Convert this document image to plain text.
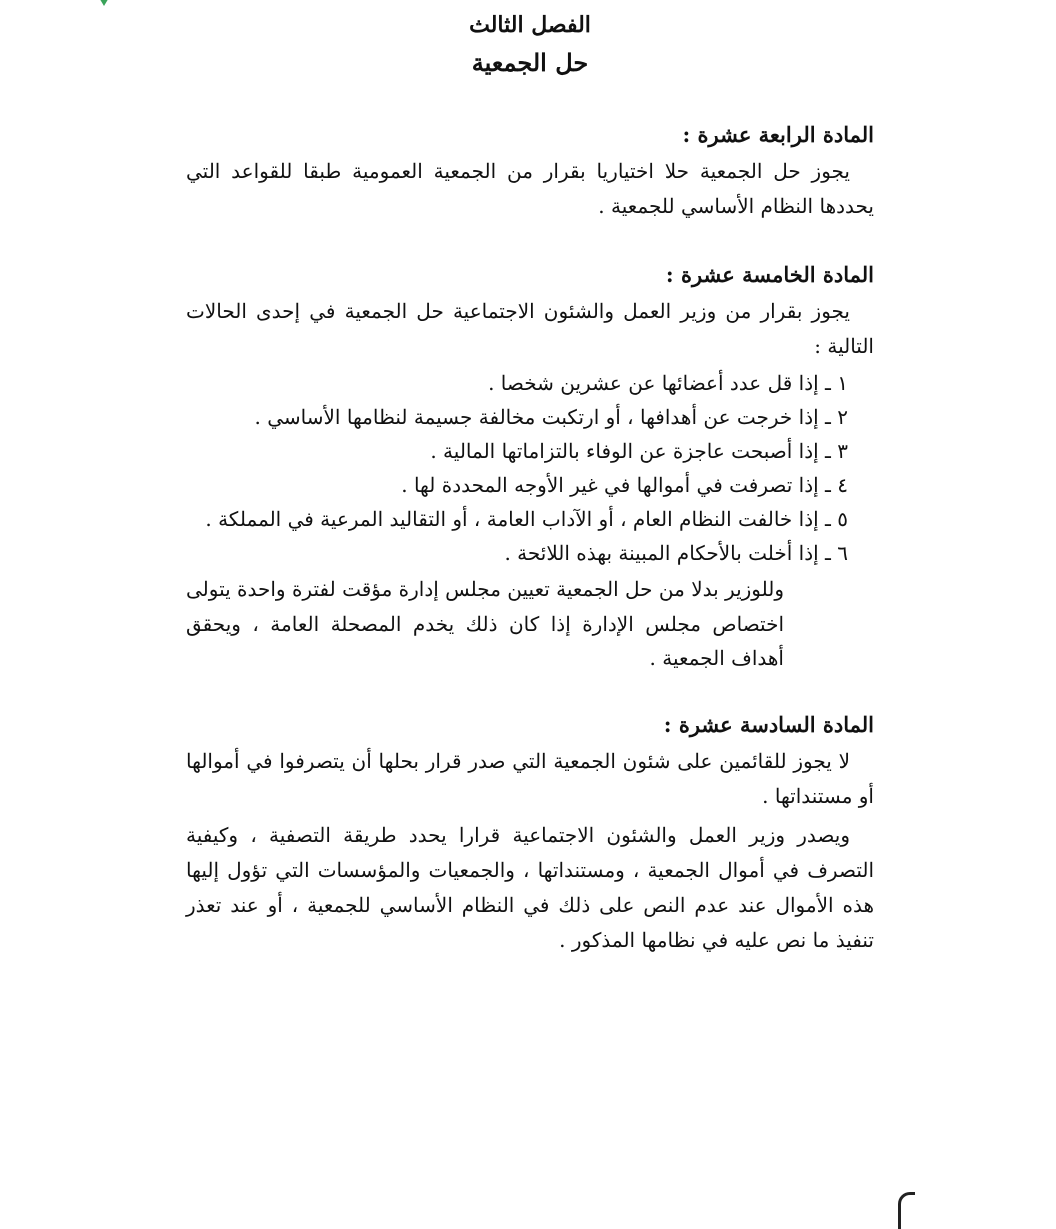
الفصل الثالث
حل الجمعية
المادة الرابعة عشرة :

يجوز حل الجمعية حلا اختياريا بقرار من الجمعية العمومية طبقا للقواعد التي يحددها النظام الأساسي للجمعية .

المادة الخامسة عشرة :

يجوز بقرار من وزير العمل والشئون الاجتماعية حل الجمعية في إحدى الحالات التالية :

١ ـ إذا قل عدد أعضائها عن عشرين شخصا .
٢ ـ إذا خرجت عن أهدافها ، أو ارتكبت مخالفة جسيمة لنظامها الأساسي .
٣ ـ إذا أصبحت عاجزة عن الوفاء بالتزاماتها المالية .
٤ ـ إذا تصرفت في أموالها في غير الأوجه المحددة لها .
٥ ـ إذا خالفت النظام العام ، أو الآداب العامة ، أو التقاليد المرعية في المملكة .
٦ ـ إذا أخلت بالأحكام المبينة بهذه اللائحة .

وللوزير بدلا من حل الجمعية تعيين مجلس إدارة مؤقت لفترة واحدة يتولى اختصاص مجلس الإدارة إذا كان ذلك يخدم المصحلة العامة ، ويحقق أهداف الجمعية .

المادة السادسة عشرة :

لا يجوز للقائمين على شئون الجمعية التي صدر قرار بحلها أن يتصرفوا في أموالها أو مستنداتها .

ويصدر وزير العمل والشئون الاجتماعية قرارا يحدد طريقة التصفية ، وكيفية التصرف في أموال الجمعية ، ومستنداتها ، والجمعيات والمؤسسات التي تؤول إليها هذه الأموال عند عدم النص على ذلك في النظام الأساسي للجمعية ، أو عند تعذر تنفيذ ما نص عليه في نظامها المذكور .
